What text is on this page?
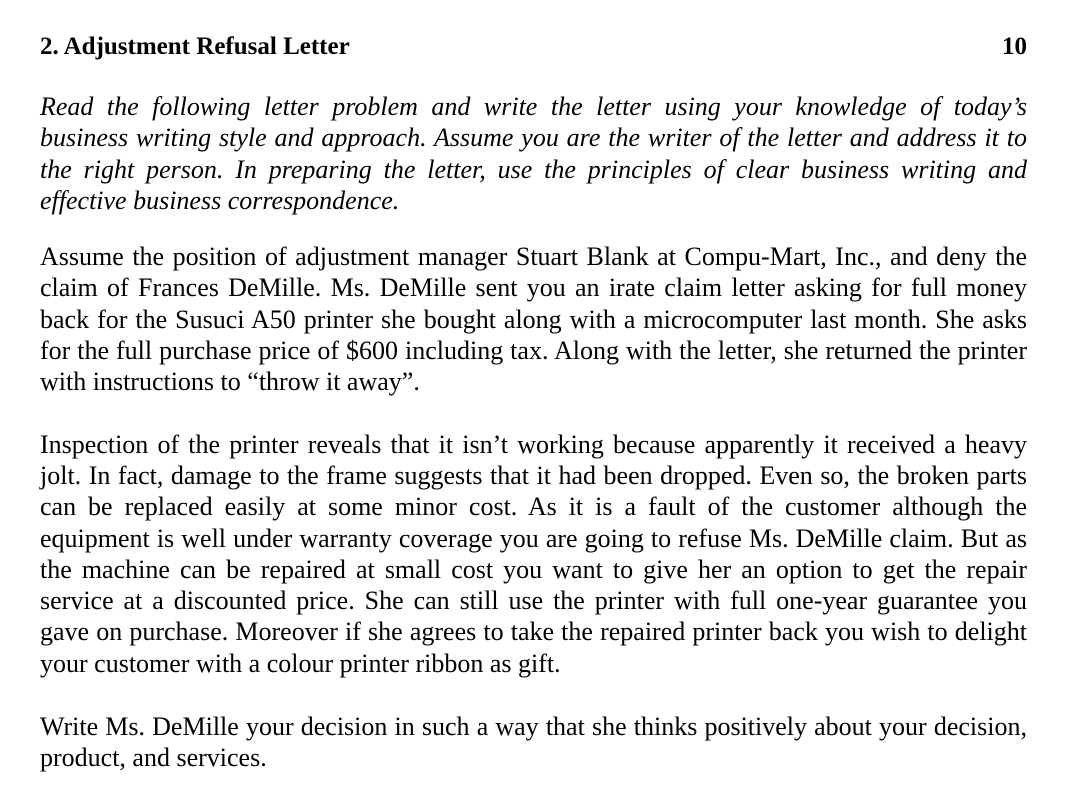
2. Adjustment Refusal Letter	10

Read the following letter problem and write the letter using your knowledge of today’s business writing style and approach. Assume you are the writer of the letter and address it to the right person. In preparing the letter, use the principles of clear business writing and effective business correspondence.

Assume the position of adjustment manager Stuart Blank at Compu-Mart, Inc., and deny the claim of Frances DeMille. Ms. DeMille sent you an irate claim letter asking for full money back for the Susuci A50 printer she bought along with a microcomputer last month. She asks for the full purchase price of $600 including tax. Along with the letter, she returned the printer with instructions to “throw it away”.

Inspection of the printer reveals that it isn’t working because apparently it received a heavy jolt. In fact, damage to the frame suggests that it had been dropped. Even so, the broken parts can be replaced easily at some minor cost. As it is a fault of the customer although the equipment is well under warranty coverage you are going to refuse Ms. DeMille claim. But as the machine can be repaired at small cost you want to give her an option to get the repair service at a discounted price. She can still use the printer with full one-year guarantee you gave on purchase. Moreover if she agrees to take the repaired printer back you wish to delight your customer with a colour printer ribbon as gift.

Write Ms. DeMille your decision in such a way that she thinks positively about your decision, product, and services.
